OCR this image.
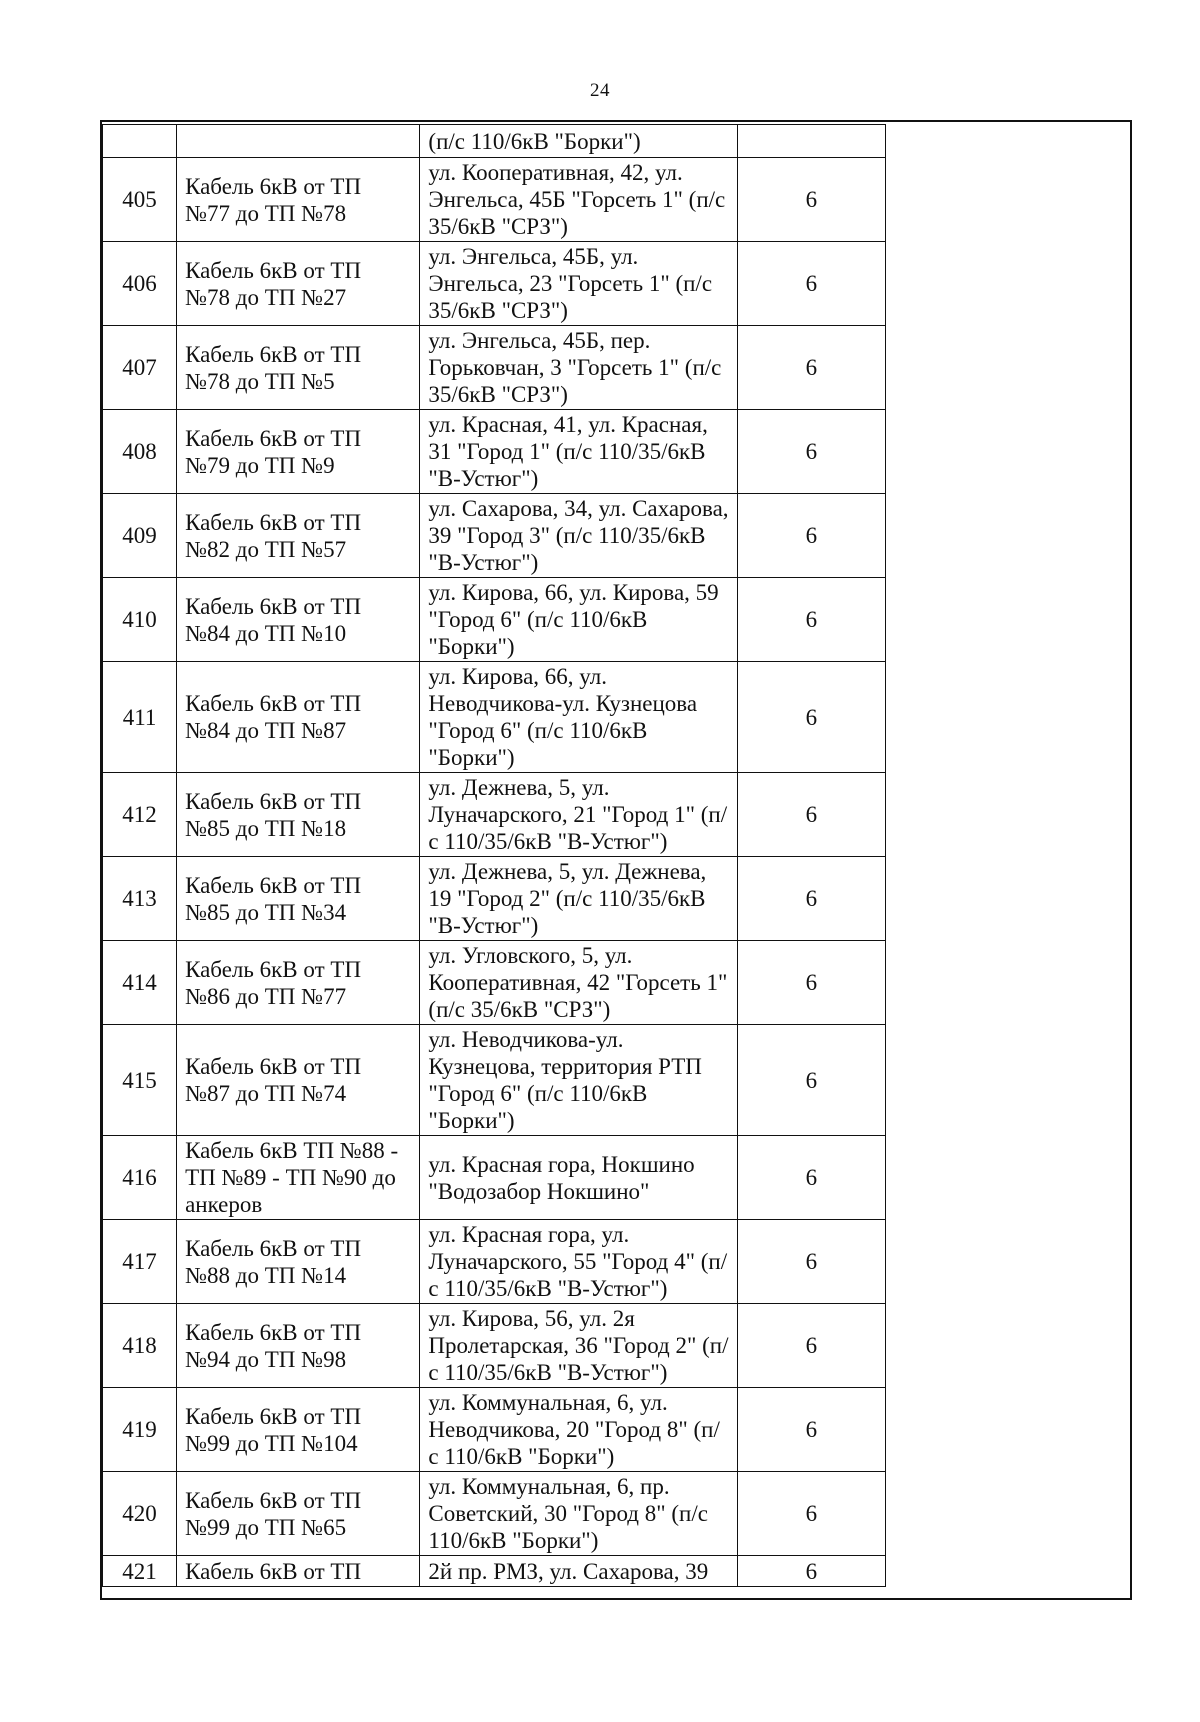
24
		(п/с 110/6кВ "Борки")	
405	Кабель 6кВ от ТП №77 до ТП №78	ул. Кооперативная, 42, ул. Энгельса, 45Б "Горсеть 1" (п/с 35/6кВ "СРЗ")	6
406	Кабель 6кВ от ТП №78 до ТП №27	ул. Энгельса, 45Б, ул. Энгельса, 23 "Горсеть 1" (п/с 35/6кВ "СРЗ")	6
407	Кабель 6кВ от ТП №78 до ТП №5	ул. Энгельса, 45Б, пер. Горьковчан, 3 "Горсеть 1" (п/с 35/6кВ "СРЗ")	6
408	Кабель 6кВ от ТП №79 до ТП №9	ул. Красная, 41, ул. Красная, 31 "Город 1" (п/с 110/35/6кВ "В-Устюг")	6
409	Кабель 6кВ от ТП №82 до ТП №57	ул. Сахарова, 34, ул. Сахарова, 39 "Город 3" (п/с 110/35/6кВ "В-Устюг")	6
410	Кабель 6кВ от ТП №84 до ТП №10	ул. Кирова, 66, ул. Кирова, 59 "Город 6" (п/с 110/6кВ "Борки")	6
411	Кабель 6кВ от ТП №84 до ТП №87	ул. Кирова, 66, ул. Неводчикова-ул. Кузнецова "Город 6" (п/с 110/6кВ "Борки")	6
412	Кабель 6кВ от ТП №85 до ТП №18	ул. Дежнева, 5, ул. Луначарского, 21 "Город 1" (п/с 110/35/6кВ "В-Устюг")	6
413	Кабель 6кВ от ТП №85 до ТП №34	ул. Дежнева, 5, ул. Дежнева, 19 "Город 2" (п/с 110/35/6кВ "В-Устюг")	6
414	Кабель 6кВ от ТП №86 до ТП №77	ул. Угловского, 5, ул. Кооперативная, 42 "Горсеть 1" (п/с 35/6кВ "СРЗ")	6
415	Кабель 6кВ от ТП №87 до ТП №74	ул. Неводчикова-ул. Кузнецова, территория РТП "Город 6" (п/с 110/6кВ "Борки")	6
416	Кабель 6кВ ТП №88 - ТП №89 - ТП №90 до анкеров	ул. Красная гора, Нокшино "Водозабор Нокшино"	6
417	Кабель 6кВ от ТП №88 до ТП №14	ул. Красная гора, ул. Луначарского, 55 "Город 4" (п/с 110/35/6кВ "В-Устюг")	6
418	Кабель 6кВ от ТП №94 до ТП №98	ул. Кирова, 56, ул. 2я Пролетарская, 36 "Город 2" (п/с 110/35/6кВ "В-Устюг")	6
419	Кабель 6кВ от ТП №99 до ТП №104	ул. Коммунальная, 6, ул. Неводчикова, 20 "Город 8" (п/с 110/6кВ "Борки")	6
420	Кабель 6кВ от ТП №99 до ТП №65	ул. Коммунальная, 6, пр. Советский, 30 "Город 8" (п/с 110/6кВ "Борки")	6
421	Кабель 6кВ от ТП	2й пр. РМЗ, ул. Сахарова, 39	6
